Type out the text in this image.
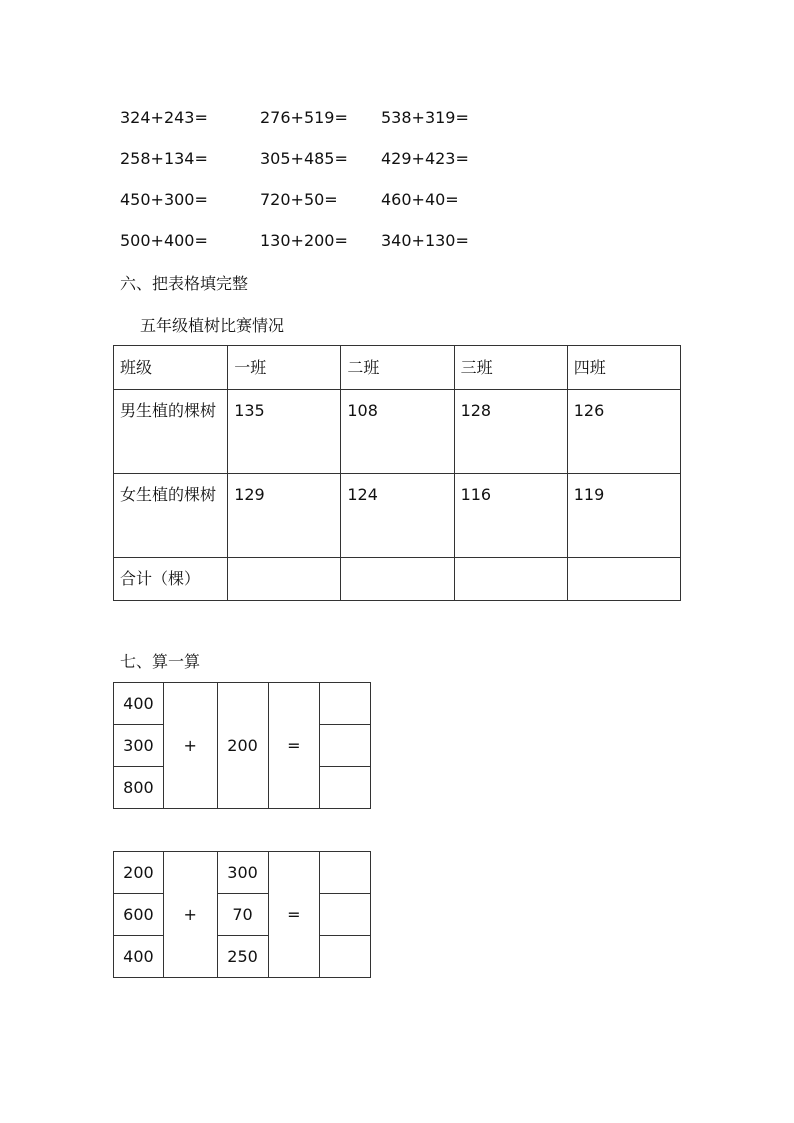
324+243=	276+519= 538+319=
258+134=	305+485= 429+423=
450+300=	720+50=	460+40=
500+400=	130+200= 340+130=
六、把表格填完整
五年级植树比赛情况
班级	一班	二班	三班	四班
男生植的棵树	135	108	128	126
女生植的棵树	129	124	116	119
合计（棵）				
七、算一算
400	+	200	=	
300				
800				
200	+	300	=	
600		70		
400		250		
